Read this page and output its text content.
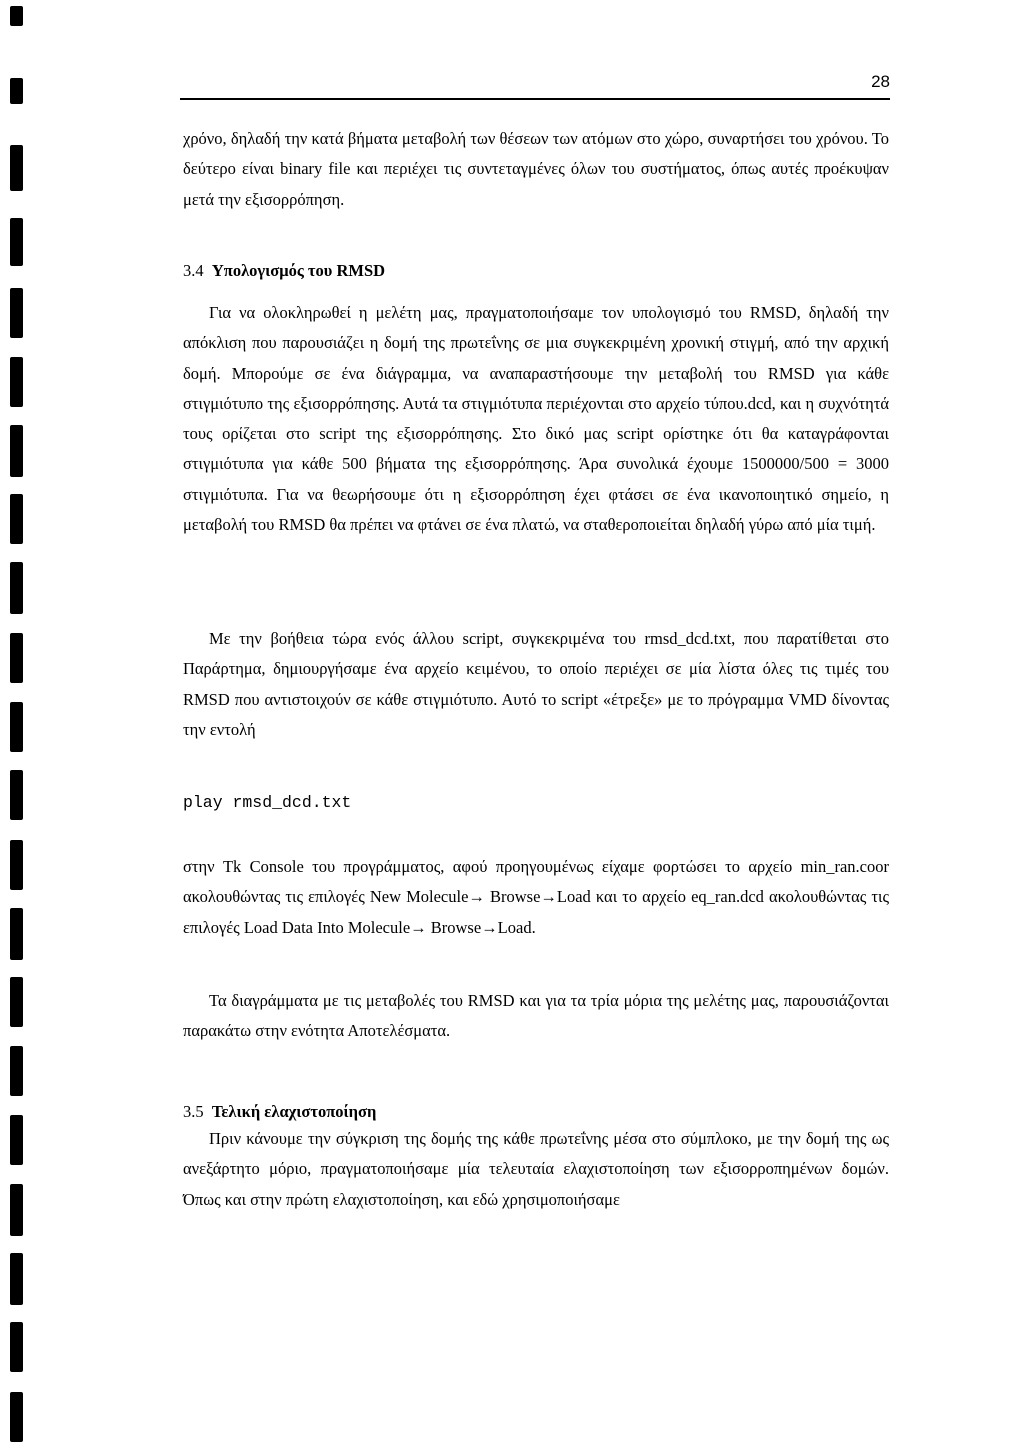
28
χρόνο, δηλαδή την κατά βήματα μεταβολή των θέσεων των ατόμων στο χώρο, συναρτήσει του χρόνου. Το δεύτερο είναι binary file και περιέχει τις συντεταγμένες όλων του συστήματος, όπως αυτές προέκυψαν μετά την εξισορρόπηση.
3.4 Υπολογισμός του RMSD
Για να ολοκληρωθεί η μελέτη μας, πραγματοποιήσαμε τον υπολογισμό του RMSD, δηλαδή την απόκλιση που παρουσιάζει η δομή της πρωτεΐνης σε μια συγκεκριμένη χρονική στιγμή, από την αρχική δομή. Μπορούμε σε ένα διάγραμμα, να αναπαραστήσουμε την μεταβολή του RMSD για κάθε στιγμιότυπο της εξισορρόπησης. Αυτά τα στιγμιότυπα περιέχονται στο αρχείο τύπου.dcd, και η συχνότητά τους ορίζεται στο script της εξισορρόπησης. Στο δικό μας script ορίστηκε ότι θα καταγράφονται στιγμιότυπα για κάθε 500 βήματα της εξισορρόπησης. Άρα συνολικά έχουμε 1500000/500 = 3000 στιγμιότυπα. Για να θεωρήσουμε ότι η εξισορρόπηση έχει φτάσει σε ένα ικανοποιητικό σημείο, η μεταβολή του RMSD θα πρέπει να φτάνει σε ένα πλατώ, να σταθεροποιείται δηλαδή γύρω από μία τιμή.
Με την βοήθεια τώρα ενός άλλου script, συγκεκριμένα του rmsd_dcd.txt, που παρατίθεται στο Παράρτημα, δημιουργήσαμε ένα αρχείο κειμένου, το οποίο περιέχει σε μία λίστα όλες τις τιμές του RMSD που αντιστοιχούν σε κάθε στιγμιότυπο. Αυτό το script «έτρεξε» με το πρόγραμμα VMD δίνοντας την εντολή
play rmsd_dcd.txt
στην Tk Console του προγράμματος, αφού προηγουμένως είχαμε φορτώσει το αρχείο min_ran.coor ακολουθώντας τις επιλογές New Molecule→ Browse→Load και το αρχείο eq_ran.dcd ακολουθώντας τις επιλογές Load Data Into Molecule→ Browse→Load.
Τα διαγράμματα με τις μεταβολές του RMSD και για τα τρία μόρια της μελέτης μας, παρουσιάζονται παρακάτω στην ενότητα Αποτελέσματα.
3.5 Τελική ελαχιστοποίηση
Πριν κάνουμε την σύγκριση της δομής της κάθε πρωτεΐνης μέσα στο σύμπλοκο, με την δομή της ως ανεξάρτητο μόριο, πραγματοποιήσαμε μία τελευταία ελαχιστοποίηση των εξισορροπημένων δομών. Όπως και στην πρώτη ελαχιστοποίηση, και εδώ χρησιμοποιήσαμε
